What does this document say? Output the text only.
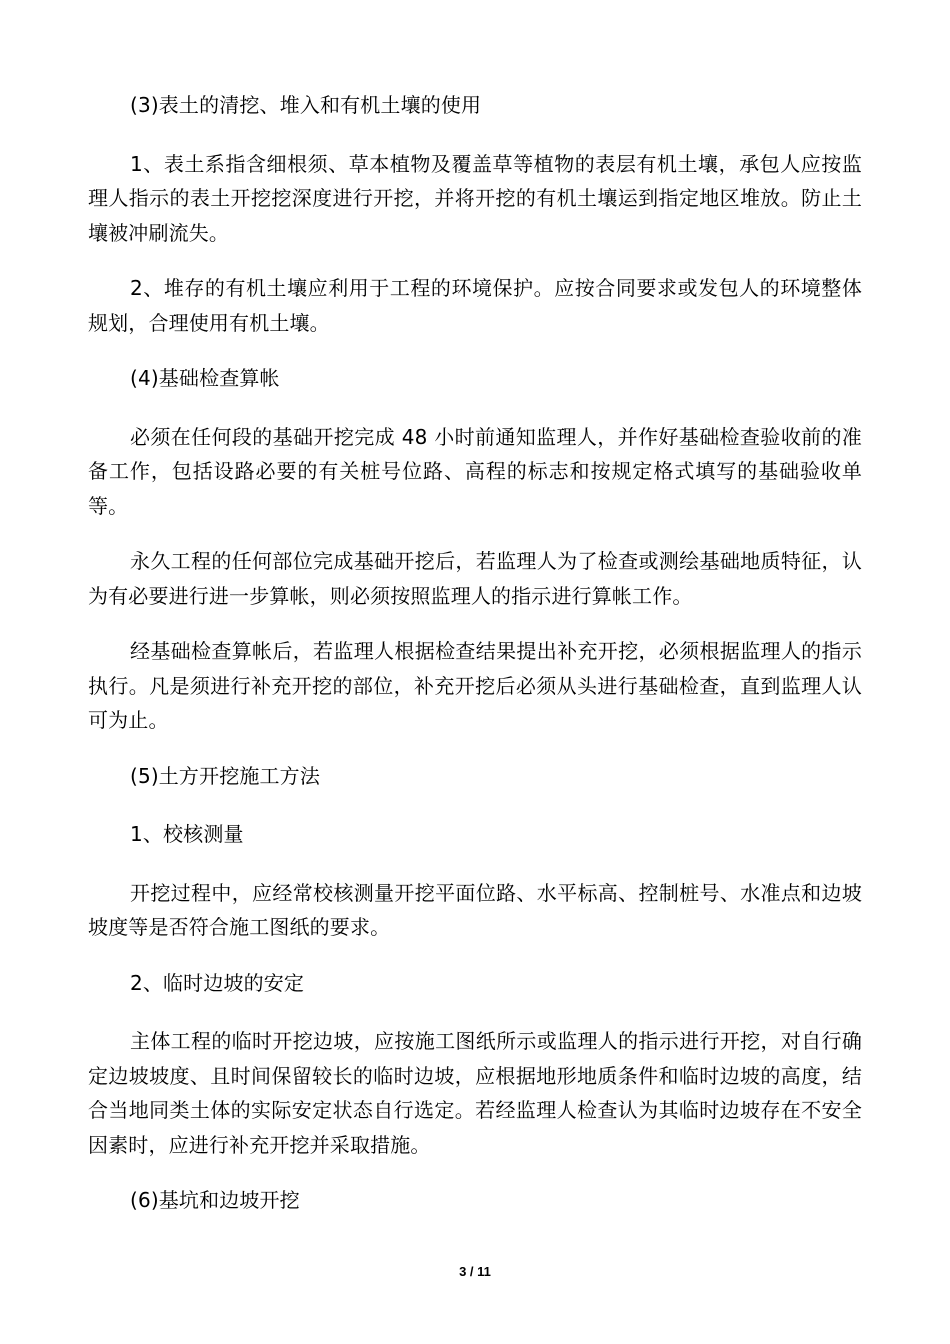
(3)表土的清挖、堆入和有机土壤的使用

1、表土系指含细根须、草本植物及覆盖草等植物的表层有机土壤，承包人应按监理人指示的表土开挖挖深度进行开挖，并将开挖的有机土壤运到指定地区堆放。防止土壤被冲刷流失。

2、堆存的有机土壤应利用于工程的环境保护。应按合同要求或发包人的环境整体规划，合理使用有机土壤。

(4)基础检查算帐

必须在任何段的基础开挖完成 48 小时前通知监理人，并作好基础检查验收前的准备工作，包括设路必要的有关桩号位路、高程的标志和按规定格式填写的基础验收单等。

永久工程的任何部位完成基础开挖后，若监理人为了检查或测绘基础地质特征，认为有必要进行进一步算帐，则必须按照监理人的指示进行算帐工作。

经基础检查算帐后，若监理人根据检查结果提出补充开挖，必须根据监理人的指示执行。凡是须进行补充开挖的部位，补充开挖后必须从头进行基础检查，直到监理人认可为止。

(5)土方开挖施工方法

1、校核测量

开挖过程中，应经常校核测量开挖平面位路、水平标高、控制桩号、水准点和边坡坡度等是否符合施工图纸的要求。

2、临时边坡的安定

主体工程的临时开挖边坡，应按施工图纸所示或监理人的指示进行开挖，对自行确定边坡坡度、且时间保留较长的临时边坡，应根据地形地质条件和临时边坡的高度，结合当地同类土体的实际安定状态自行选定。若经监理人检查认为其临时边坡存在不安全因素时，应进行补充开挖并采取措施。

(6)基坑和边坡开挖

3 / 11
